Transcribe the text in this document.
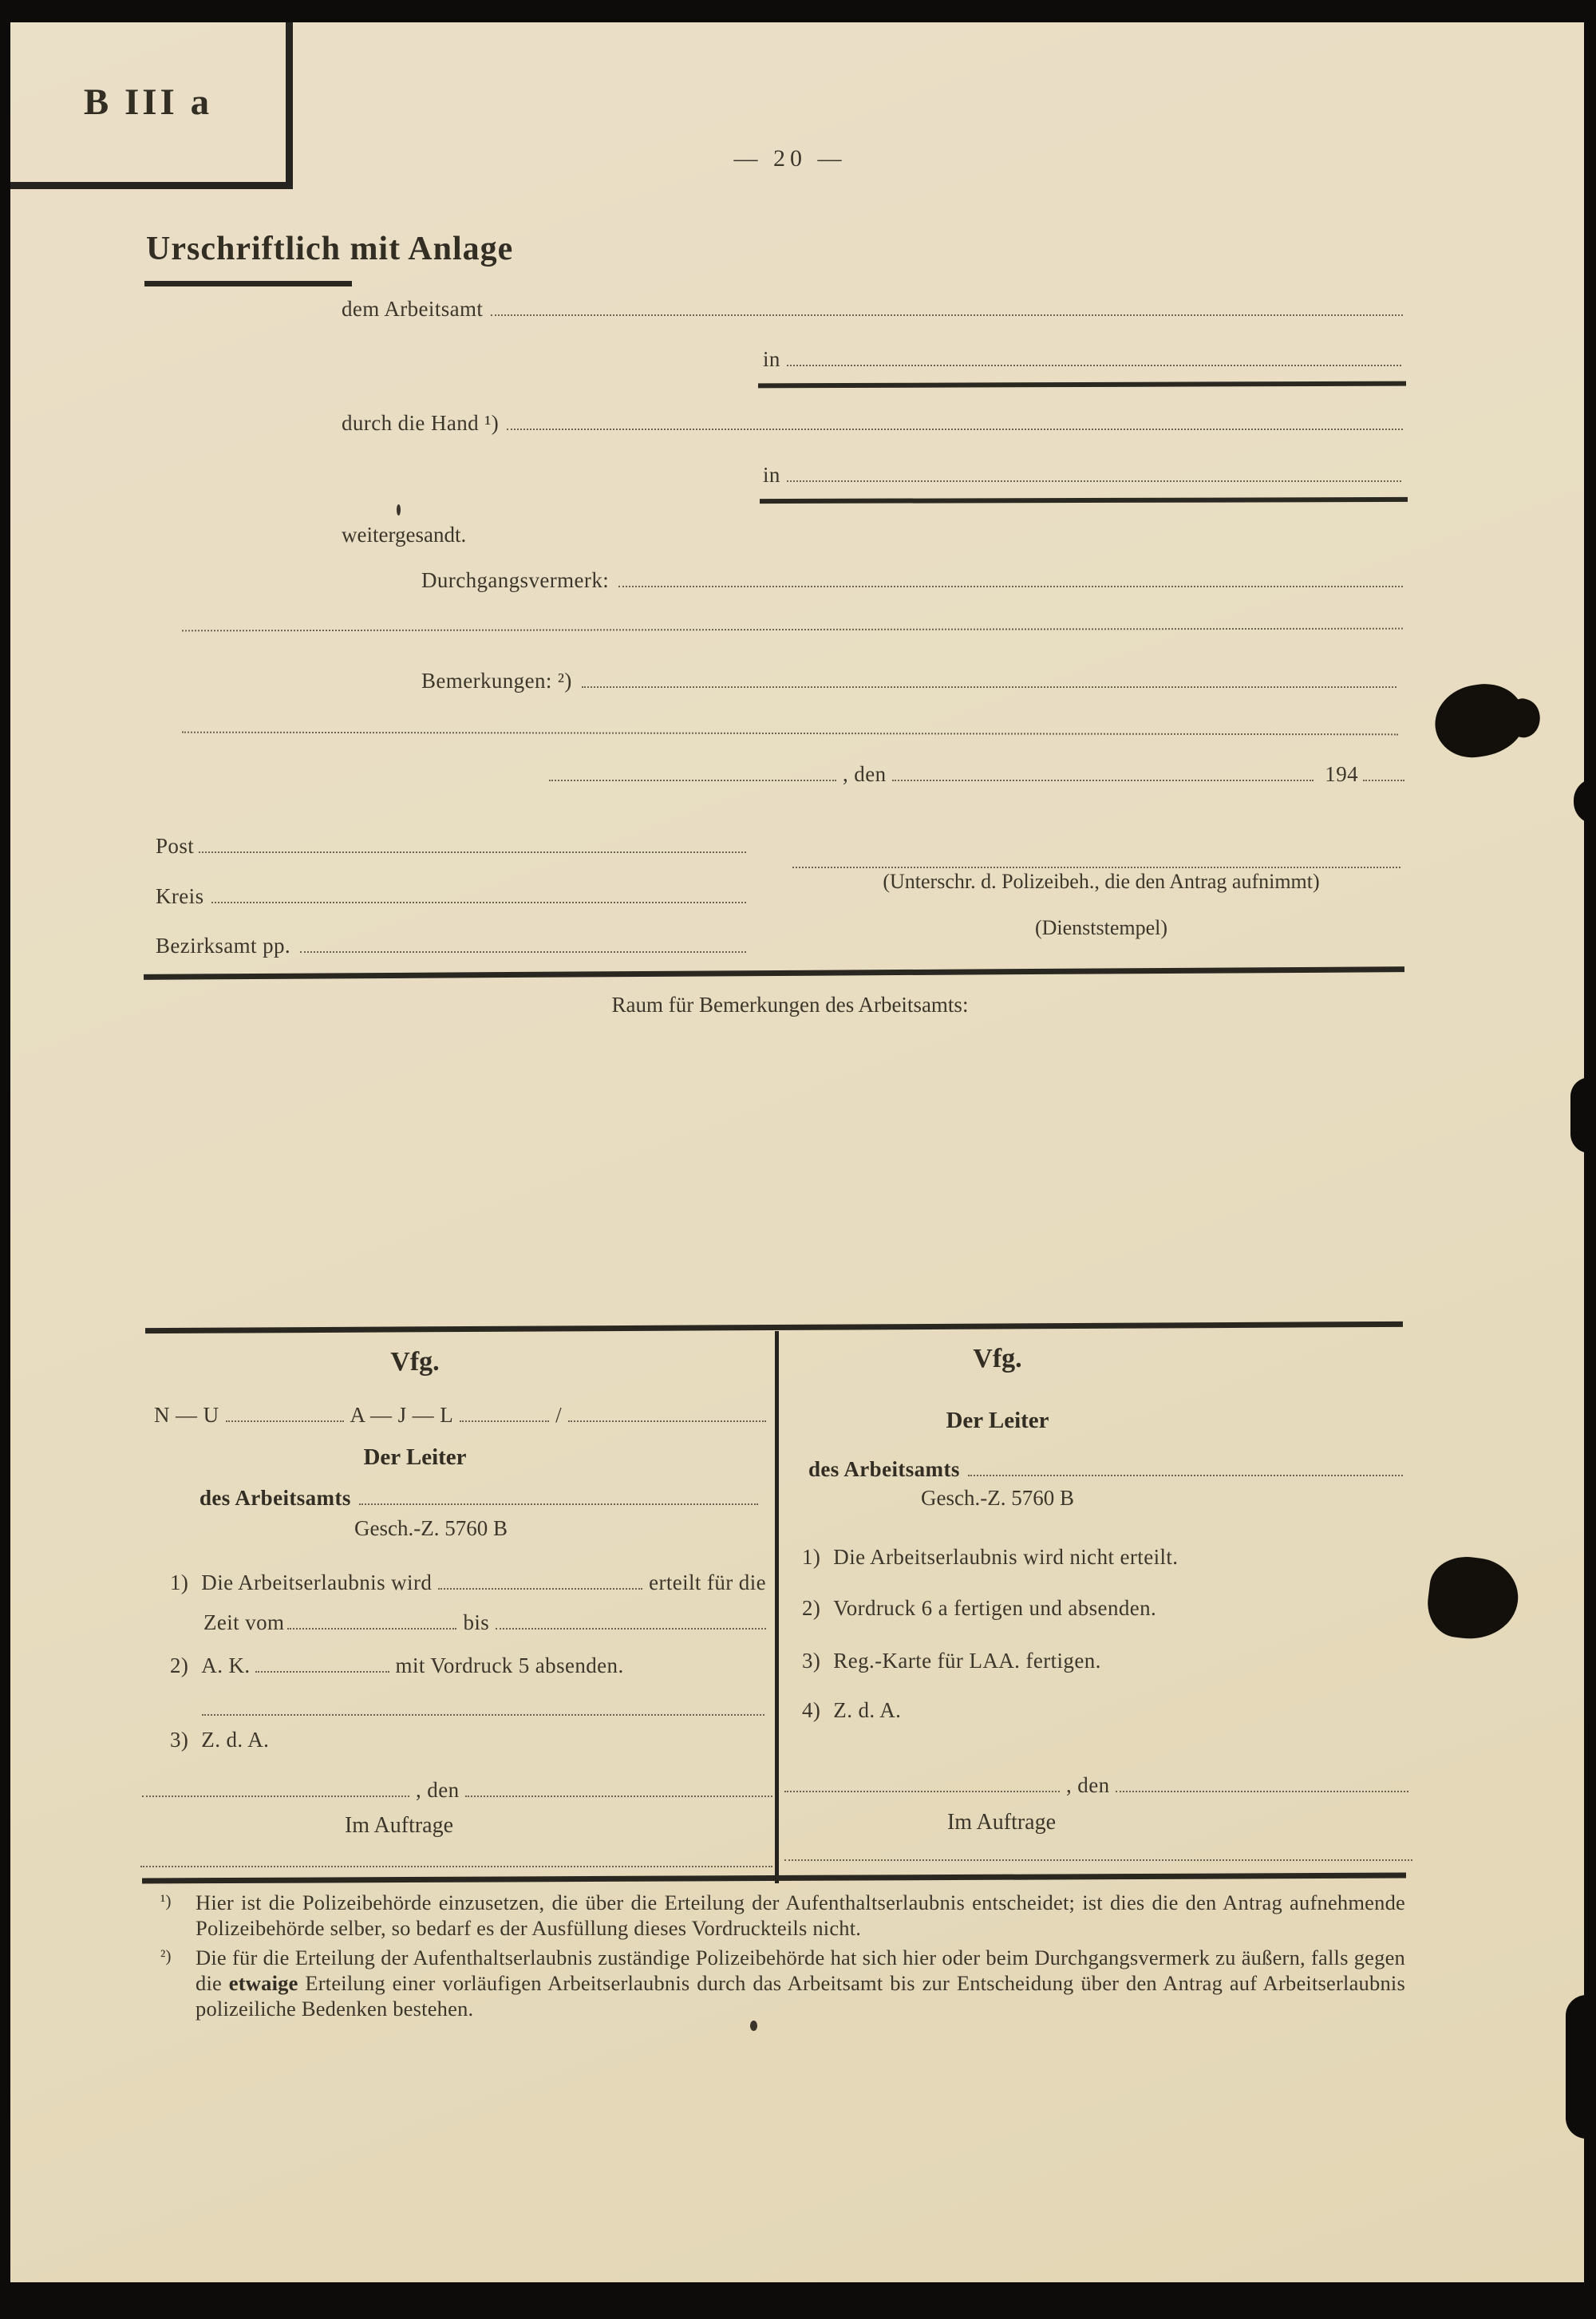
B III a
— 20 —
Urschriftlich mit Anlage
dem Arbeitsamt
in
durch die Hand ¹)
in
weitergesandt.
Durchgangsvermerk:
Bemerkungen: ²)
, den	194
Post
(Unterschr. d. Polizeibeh., die den Antrag aufnimmt)
Kreis
(Dienststempel)
Bezirksamt pp.
Raum für Bemerkungen des Arbeitsamts:
Vfg.
N — U	A — J — L	/
Der Leiter
des Arbeitsamts
Gesch.-Z. 5760 B
1) Die Arbeitserlaubnis wird	erteilt für die
Zeit vom	bis
2) A. K.	mit Vordruck 5 absenden.
3) Z. d. A.
, den
Im Auftrage
Vfg.
Der Leiter
des Arbeitsamts
Gesch.-Z. 5760 B
1) Die Arbeitserlaubnis wird nicht erteilt.
2) Vordruck 6 a fertigen und absenden.
3) Reg.-Karte für LAA. fertigen.
4) Z. d. A.
, den
Im Auftrage
¹) Hier ist die Polizeibehörde einzusetzen, die über die Erteilung der Aufenthaltserlaubnis entscheidet; ist dies die den Antrag aufnehmende Polizeibehörde selber, so bedarf es der Ausfüllung dieses Vordruckteils nicht.
²) Die für die Erteilung der Aufenthaltserlaubnis zuständige Polizeibehörde hat sich hier oder beim Durchgangsvermerk zu äußern, falls gegen die etwaige Erteilung einer vorläufigen Arbeitserlaubnis durch das Arbeitsamt bis zur Entscheidung über den Antrag auf Arbeitserlaubnis polizeiliche Bedenken bestehen.
